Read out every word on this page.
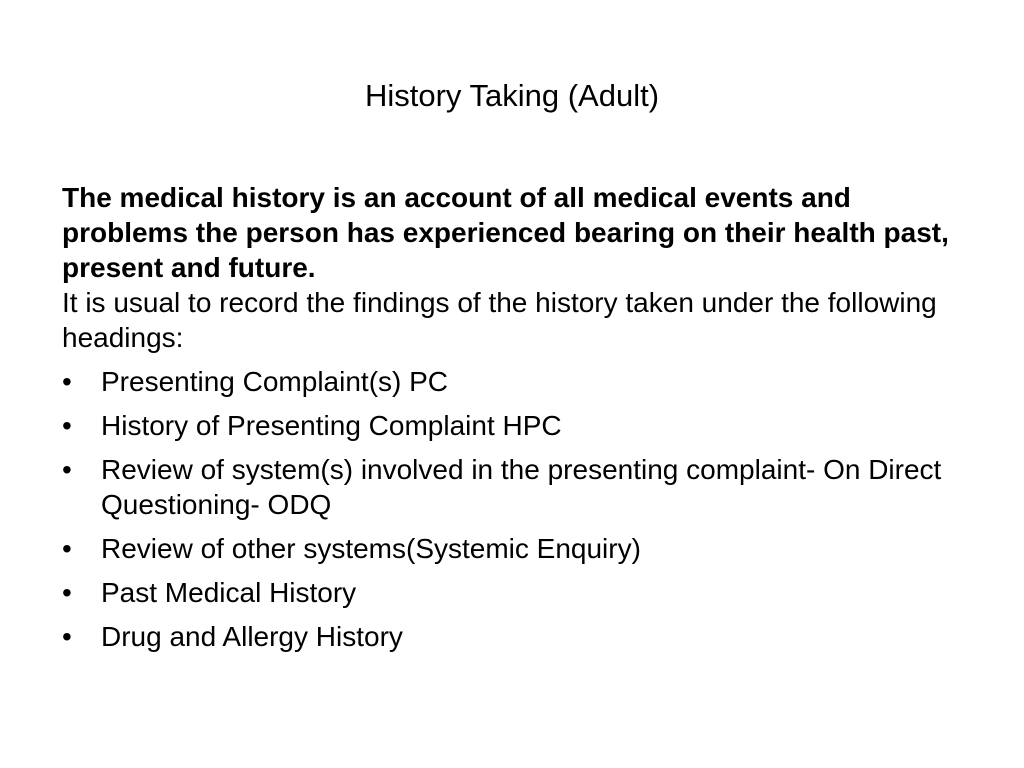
History Taking (Adult)

The medical history is an account of all medical events and problems the person has experienced bearing on their health past, present and future.

It is usual to record the findings of the history taken under the following headings:

•	Presenting Complaint(s) PC
•	History of Presenting Complaint HPC
•	Review of system(s) involved in the presenting complaint- On Direct Questioning- ODQ
•	Review of other systems(Systemic Enquiry)
•	Past Medical History
•	Drug and Allergy History
